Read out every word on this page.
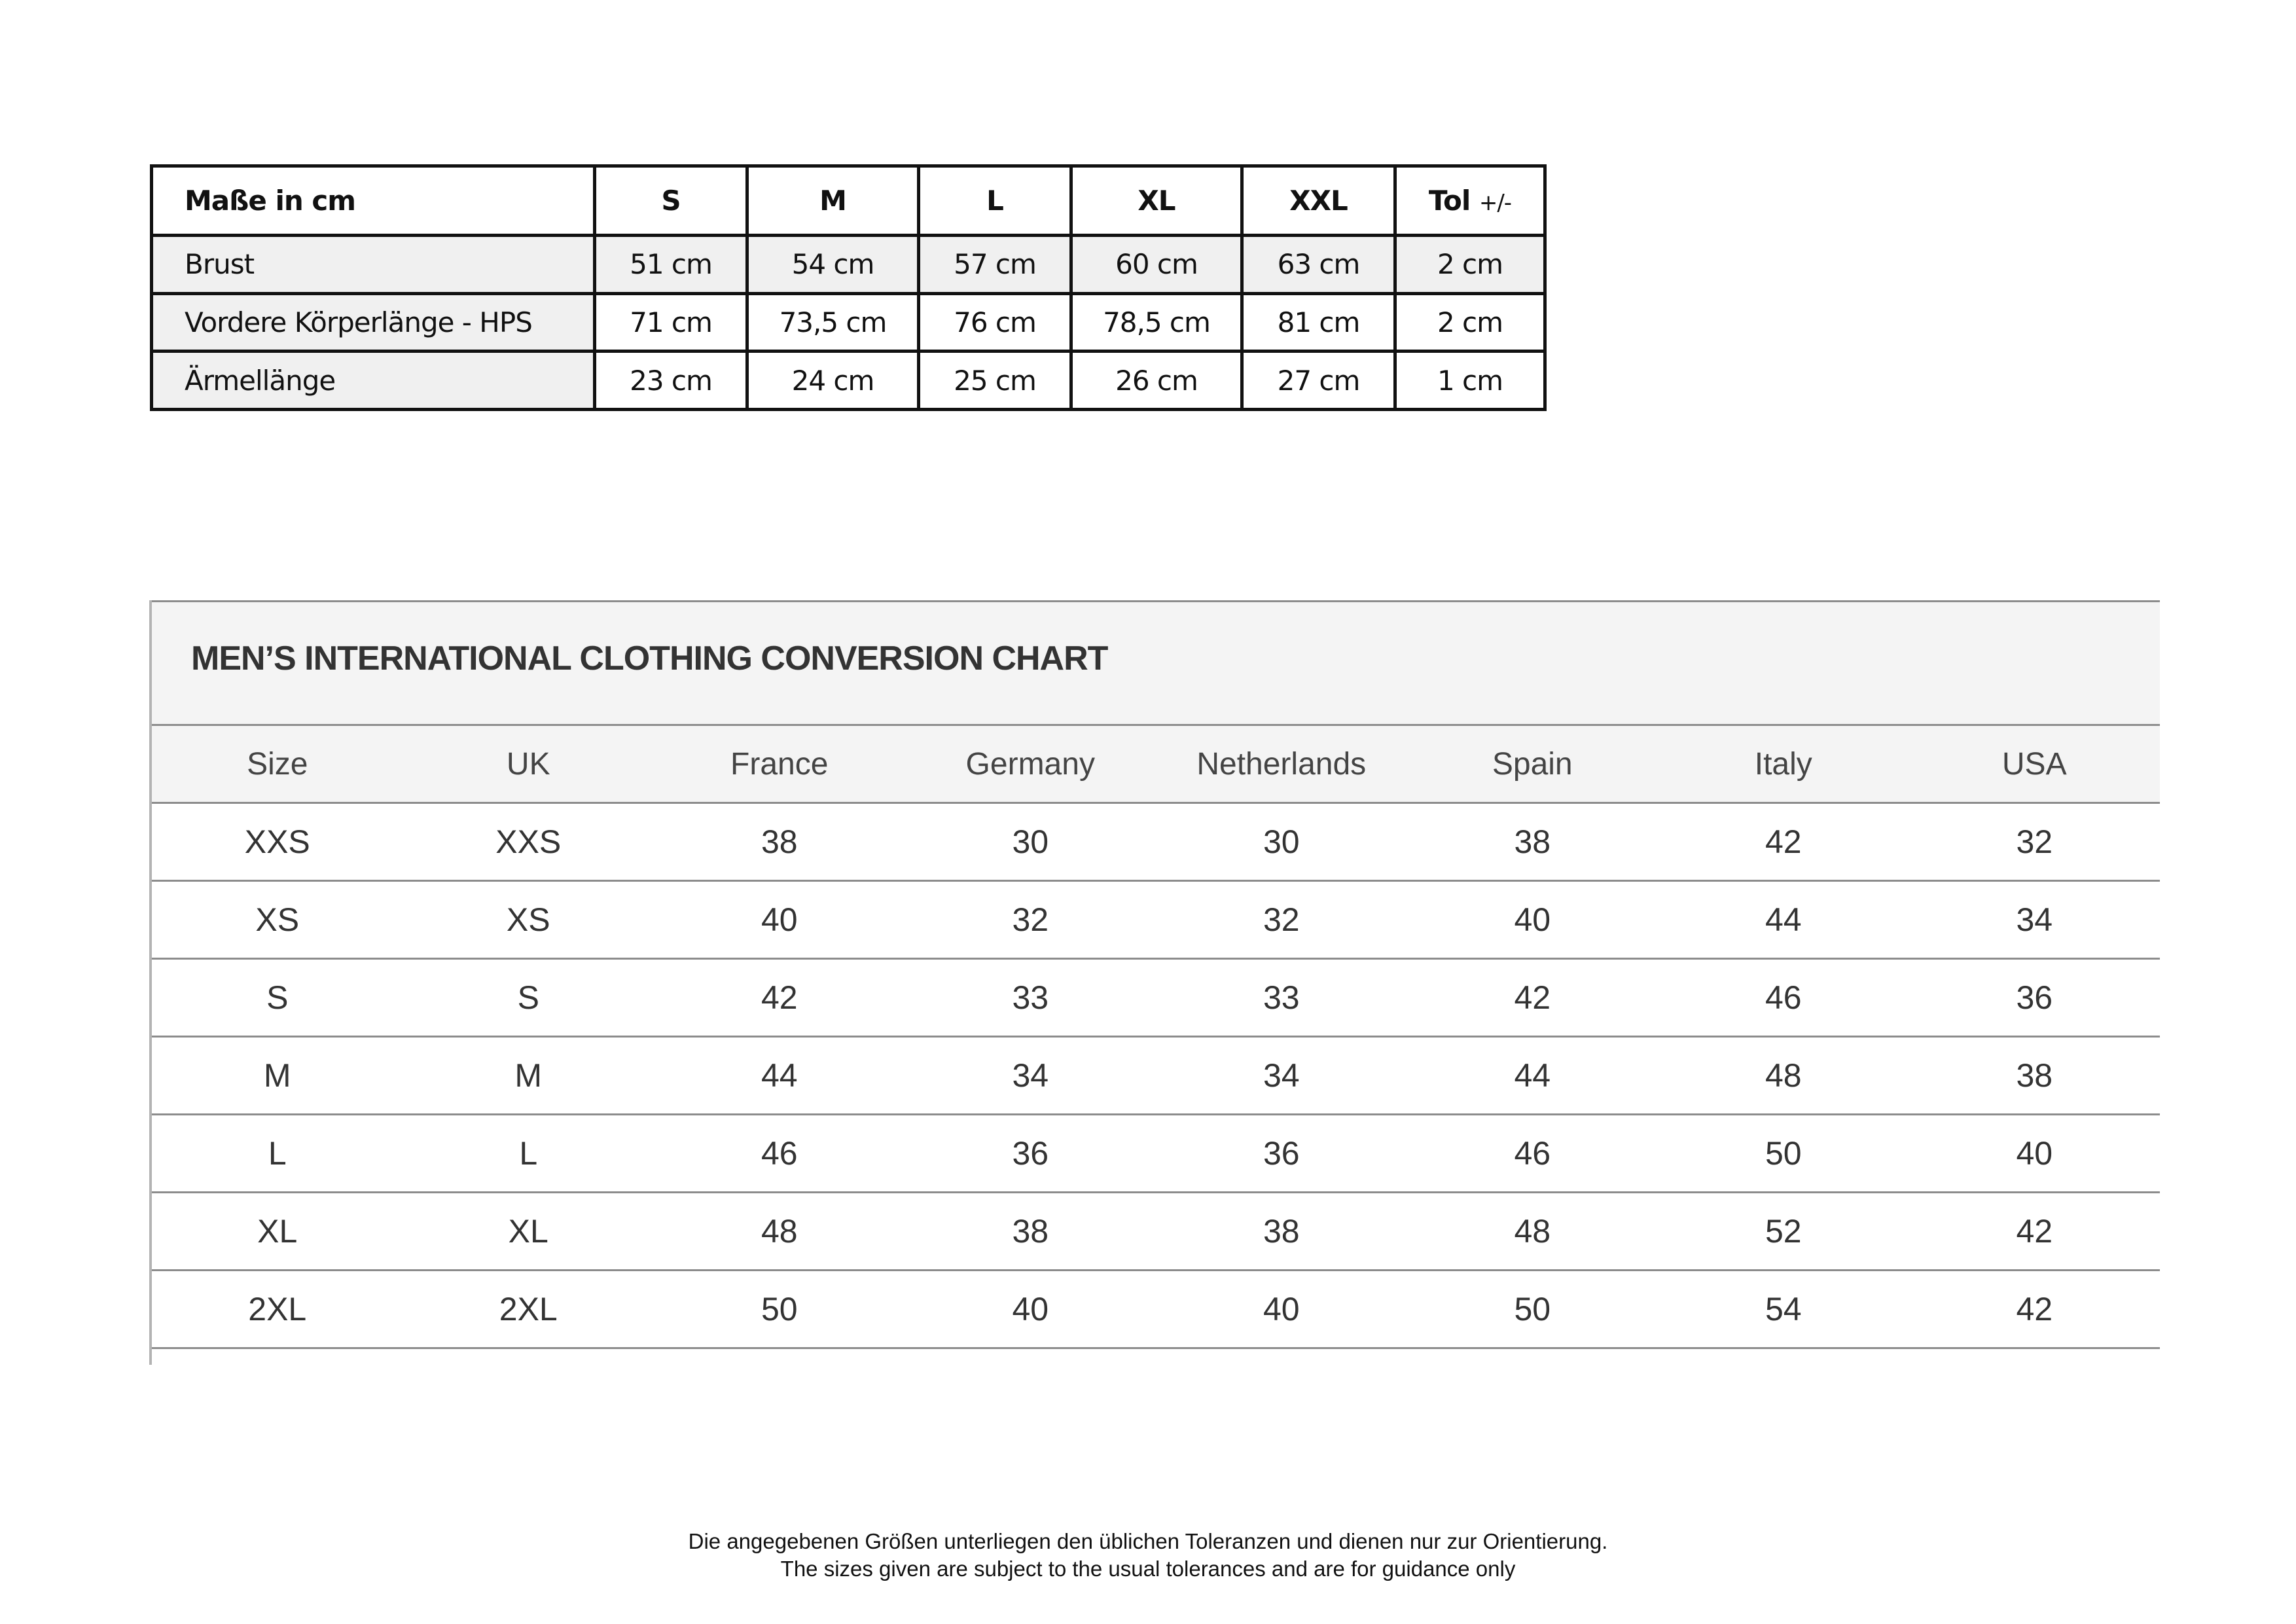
Maße in cm	S	M	L	XL	XXL	Tol +/-
Brust	51 cm	54 cm	57 cm	60 cm	63 cm	2 cm
Vordere Körperlänge - HPS	71 cm	73,5 cm	76 cm	78,5 cm	81 cm	2 cm
Ärmellänge	23 cm	24 cm	25 cm	26 cm	27 cm	1 cm
MEN’S INTERNATIONAL CLOTHING CONVERSION CHART
Size	UK	France	Germany	Netherlands	Spain	Italy	USA
XXS	XXS	38	30	30	38	42	32
XS	XS	40	32	32	40	44	34
S	S	42	33	33	42	46	36
M	M	44	34	34	44	48	38
L	L	46	36	36	46	50	40
XL	XL	48	38	38	48	52	42
2XL	2XL	50	40	40	50	54	42
Die angegebenen Größen unterliegen den üblichen Toleranzen und dienen nur zur Orientierung.
The sizes given are subject to the usual tolerances and are for guidance only
